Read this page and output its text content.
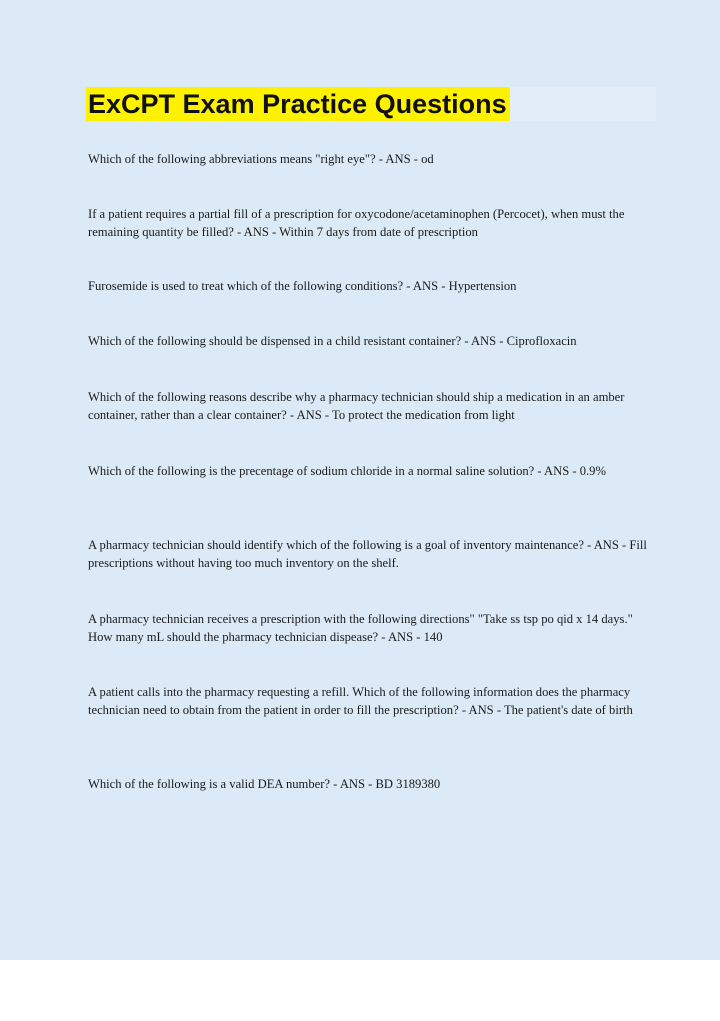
ExCPT Exam Practice Questions

Which of the following abbreviations means "right eye"? - ANS - od

If a patient requires a partial fill of a prescription for oxycodone/acetaminophen (Percocet), when must the remaining quantity be filled? - ANS - Within 7 days from date of prescription

Furosemide is used to treat which of the following conditions? - ANS - Hypertension

Which of the following should be dispensed in a child resistant container? - ANS - Ciprofloxacin

Which of the following reasons describe why a pharmacy technician should ship a medication in an amber container, rather than a clear container? - ANS - To protect the medication from light

Which of the following is the precentage of sodium chloride in a normal saline solution? - ANS - 0.9%

A pharmacy technician should identify which of the following is a goal of inventory maintenance? - ANS - Fill prescriptions without having too much inventory on the shelf.

A pharmacy technician receives a prescription with the following directions" "Take ss tsp po qid x 14 days." How many mL should the pharmacy technician dispease? - ANS - 140

A patient calls into the pharmacy requesting a refill. Which of the following information does the pharmacy technician need to obtain from the patient in order to fill the prescription? - ANS - The patient's date of birth

Which of the following is a valid DEA number? - ANS - BD 3189380
